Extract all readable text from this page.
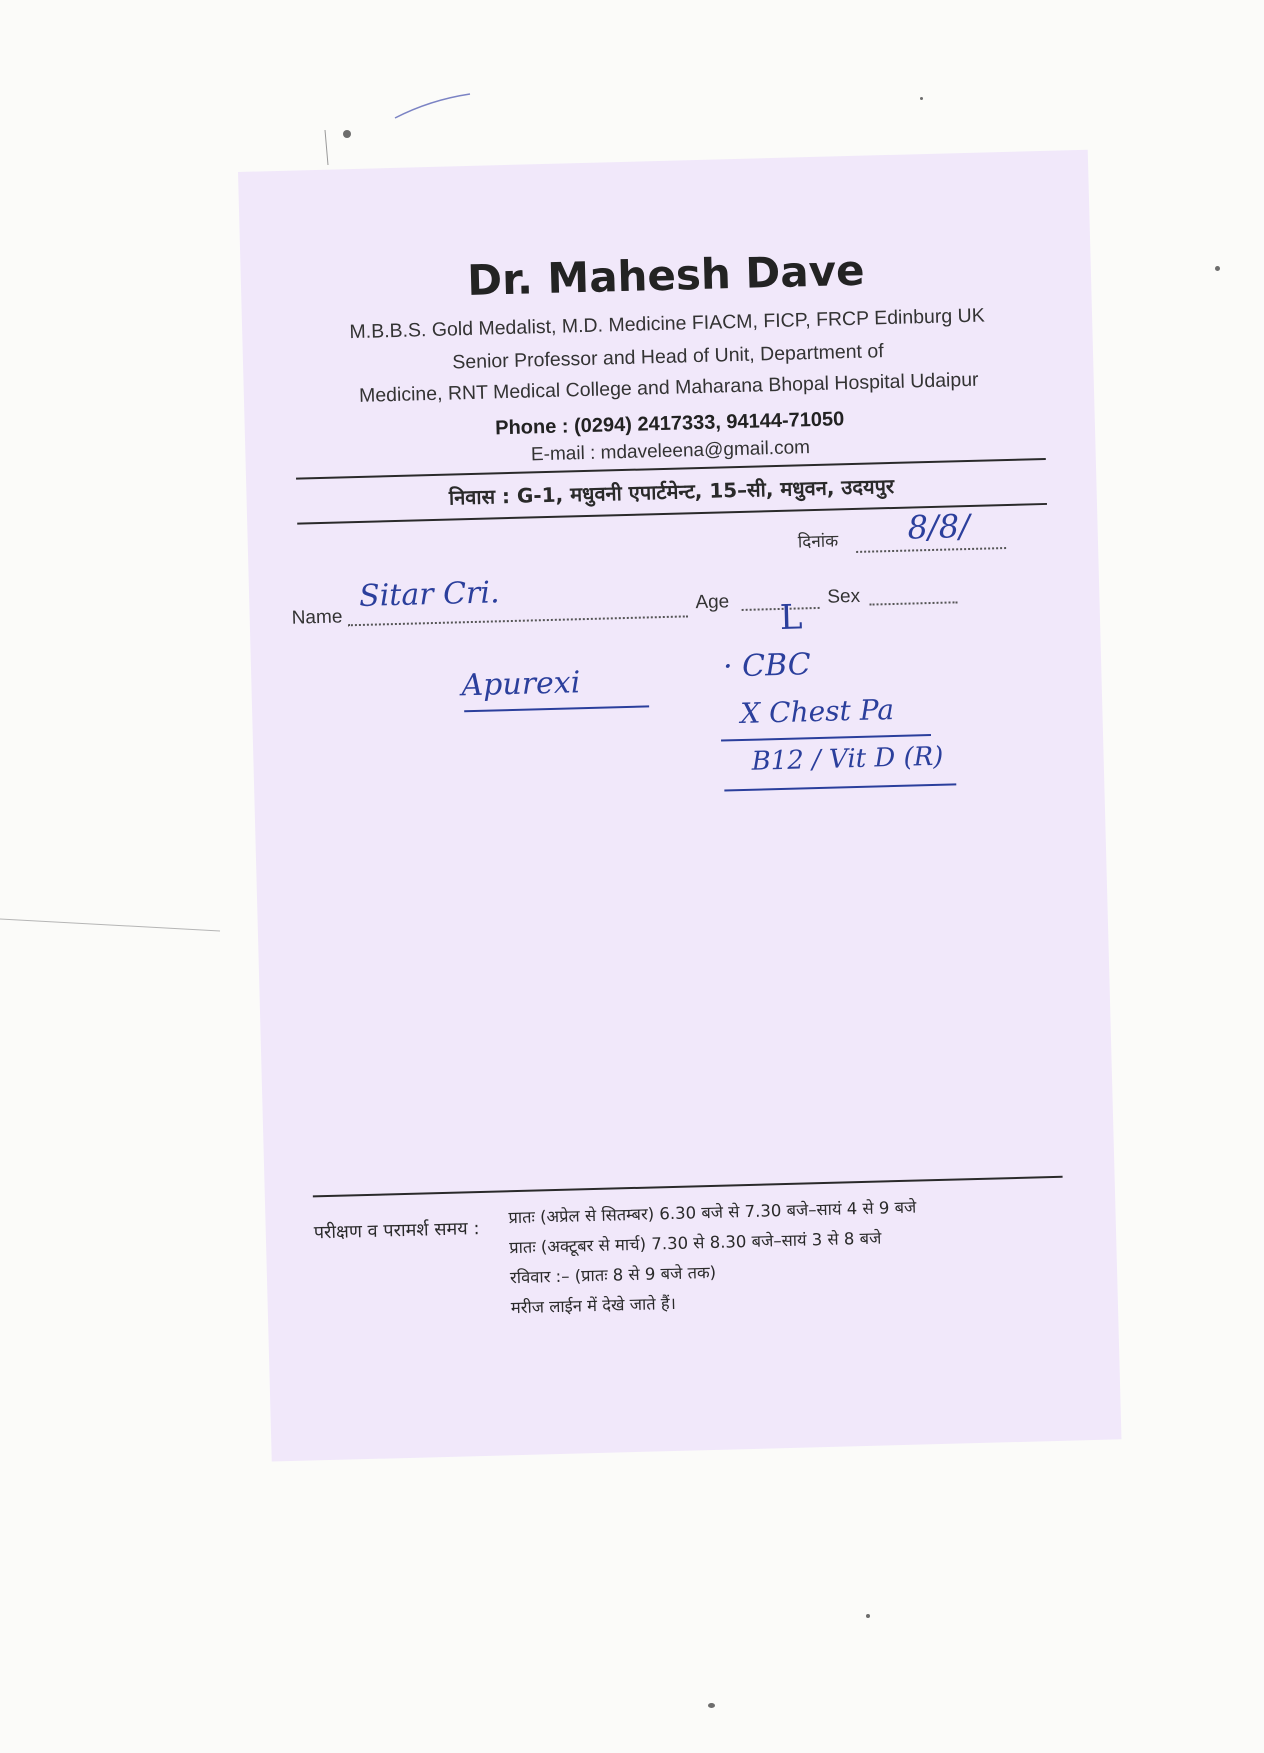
Dr. Mahesh Dave
M.B.B.S. Gold Medalist, M.D. Medicine FIACM, FICP, FRCP Edinburg UK
Senior Professor and Head of Unit, Department of
Medicine, RNT Medical College and Maharana Bhopal Hospital Udaipur
Phone : (0294) 2417333, 94144-71050
E-mail : mdaveleena@gmail.com
निवास : G-1, मधुवनी एपार्टमेन्ट, 15–सी, मधुवन, उदयपुर
दिनांक 8/8/
Name
Sitar Cri.	Age L
Sex
Apurexi	· CBC
X Chest Pa
B12 / Vit D (R)
परीक्षण व परामर्श समय :
प्रातः (अप्रेल से सितम्बर) 6.30 बजे से 7.30 बजे–सायं 4 से 9 बजे
प्रातः (अक्टूबर से मार्च) 7.30 से 8.30 बजे–सायं 3 से 8 बजे
रविवार :– (प्रातः 8 से 9 बजे तक)
मरीज लाईन में देखे जाते हैं।
